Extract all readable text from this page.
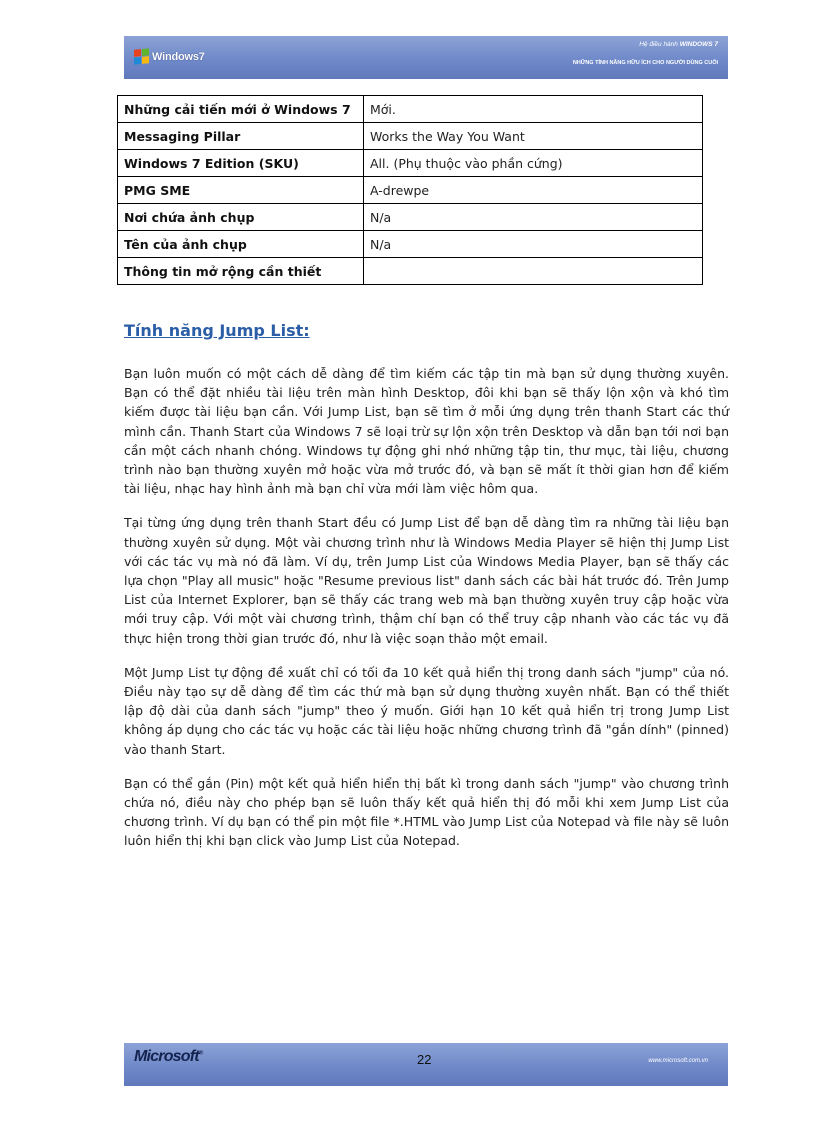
Windows7
Hệ điều hành WINDOWS 7
NHỮNG TÍNH NĂNG HỮU ÍCH CHO NGƯỜI DÙNG CUỐI
Những cải tiến mới ở Windows 7	Mới.
Messaging Pillar	Works the Way You Want
Windows 7 Edition (SKU)	All. (Phụ thuộc vào phần cứng)
PMG SME	A-drewpe
Nơi chứa ảnh chụp	N/a
Tên của ảnh chụp	N/a
Thông tin mở rộng cần thiết	
Tính năng Jump List:

Bạn luôn muốn có một cách dễ dàng để tìm kiếm các tập tin mà bạn sử dụng thường xuyên. Bạn có thể đặt nhiều tài liệu trên màn hình Desktop, đôi khi bạn sẽ thấy lộn xộn và khó tìm kiếm được tài liệu bạn cần. Với Jump List, bạn sẽ tìm ở mỗi ứng dụng trên thanh Start các thứ mình cần. Thanh Start của Windows 7 sẽ loại trừ sự lộn xộn trên Desktop và dẫn bạn tới nơi bạn cần một cách nhanh chóng. Windows tự động ghi nhớ những tập tin, thư mục, tài liệu, chương trình nào bạn thường xuyên mở hoặc vừa mở trước đó, và bạn sẽ mất ít thời gian hơn để kiếm tài liệu, nhạc hay hình ảnh mà bạn chỉ vừa mới làm việc hôm qua.

Tại từng ứng dụng trên thanh Start đều có Jump List để bạn dễ dàng tìm ra những tài liệu bạn thường xuyên sử dụng. Một vài chương trình như là Windows Media Player sẽ hiện thị Jump List với các tác vụ mà nó đã làm. Ví dụ, trên Jump List của Windows Media Player, bạn sẽ thấy các lựa chọn "Play all music" hoặc "Resume previous list" danh sách các bài hát trước đó. Trên Jump List của Internet Explorer, bạn sẽ thấy các trang web mà bạn thường xuyên truy cập hoặc vừa mới truy cập. Với một vài chương trình, thậm chí bạn có thể truy cập nhanh vào các tác vụ đã thực hiện trong thời gian trước đó, như là việc soạn thảo một email.

Một Jump List tự động đề xuất chỉ có tối đa 10 kết quả hiển thị trong danh sách "jump" của nó. Điều này tạo sự dễ dàng để tìm các thứ mà bạn sử dụng thường xuyên nhất. Bạn có thể thiết lập độ dài của danh sách "jump" theo ý muốn. Giới hạn 10 kết quả hiển trị trong Jump List không áp dụng cho các tác vụ hoặc các tài liệu hoặc những chương trình đã "gắn dính" (pinned) vào thanh Start.

Bạn có thể gắn (Pin) một kết quả hiển hiển thị bất kì trong danh sách "jump" vào chương trình chứa nó, điều này cho phép bạn sẽ luôn thấy kết quả hiển thị đó mỗi khi xem Jump List của chương trình. Ví dụ bạn có thể pin một file *.HTML vào Jump List của Notepad và file này sẽ luôn luôn hiển thị khi bạn click vào Jump List của Notepad.

Microsoft®	22	www.microsoft.com.vn
